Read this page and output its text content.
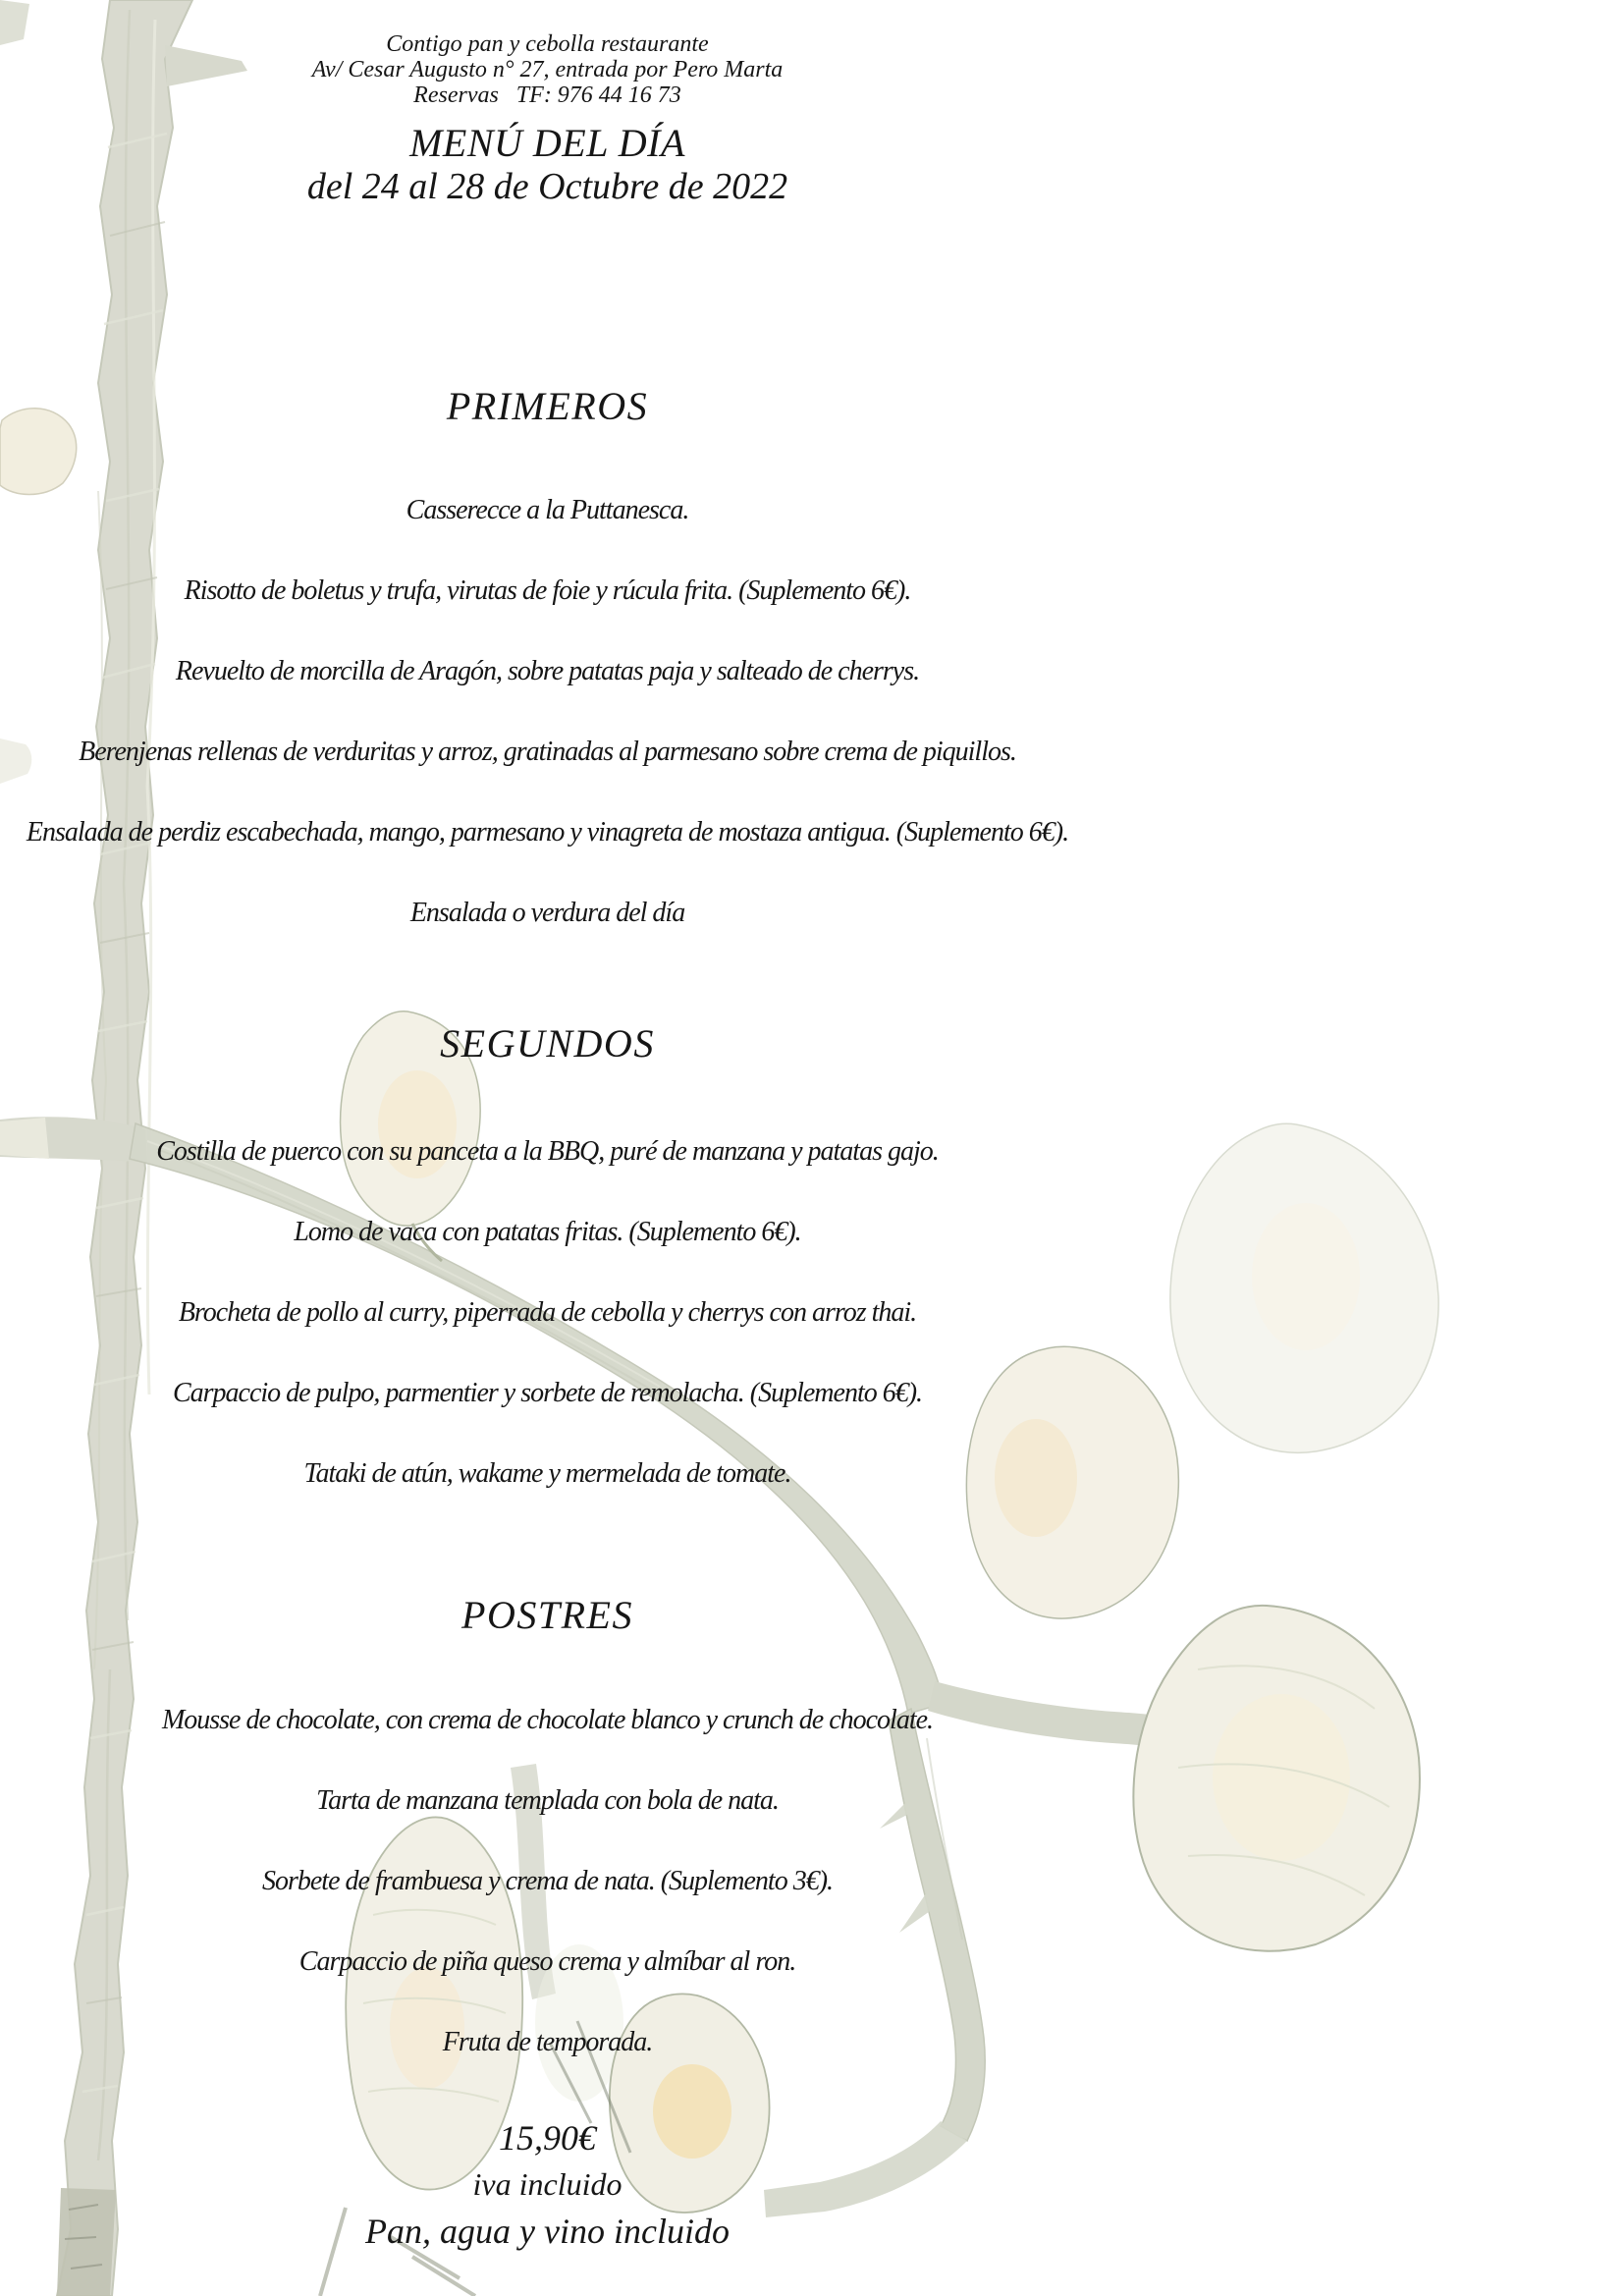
Contigo pan y cebolla restaurante
Av/ Cesar Augusto n° 27, entrada por Pero Marta
Reservas   TF: 976 44 16 73
MENÚ DEL DÍA
del 24 al 28 de Octubre de 2022
PRIMEROS
Casserecce a la Puttanesca.
Risotto de boletus y trufa, virutas de foie y rúcula frita. (Suplemento 6€).
Revuelto de morcilla de Aragón, sobre patatas paja y salteado de cherrys.
Berenjenas rellenas de verduritas y arroz, gratinadas al parmesano sobre crema de piquillos.
Ensalada de perdiz escabechada, mango, parmesano y vinagreta de mostaza antigua. (Suplemento 6€).
Ensalada o verdura del día
SEGUNDOS
Costilla de puerco con su panceta a la BBQ, puré de manzana y patatas gajo.
Lomo de vaca con patatas fritas. (Suplemento 6€).
Brocheta de pollo al curry, piperrada de cebolla y cherrys con arroz thai.
Carpaccio de pulpo, parmentier y sorbete de remolacha. (Suplemento 6€).
Tataki de atún, wakame y mermelada de tomate.
POSTRES
Mousse de chocolate, con crema de chocolate blanco y crunch de chocolate.
Tarta de manzana templada con bola de nata.
Sorbete de frambuesa y crema de nata. (Suplemento 3€).
Carpaccio de piña queso crema y almíbar al ron.
Fruta de temporada.
15,90€
iva incluido
Pan, agua y vino incluido
